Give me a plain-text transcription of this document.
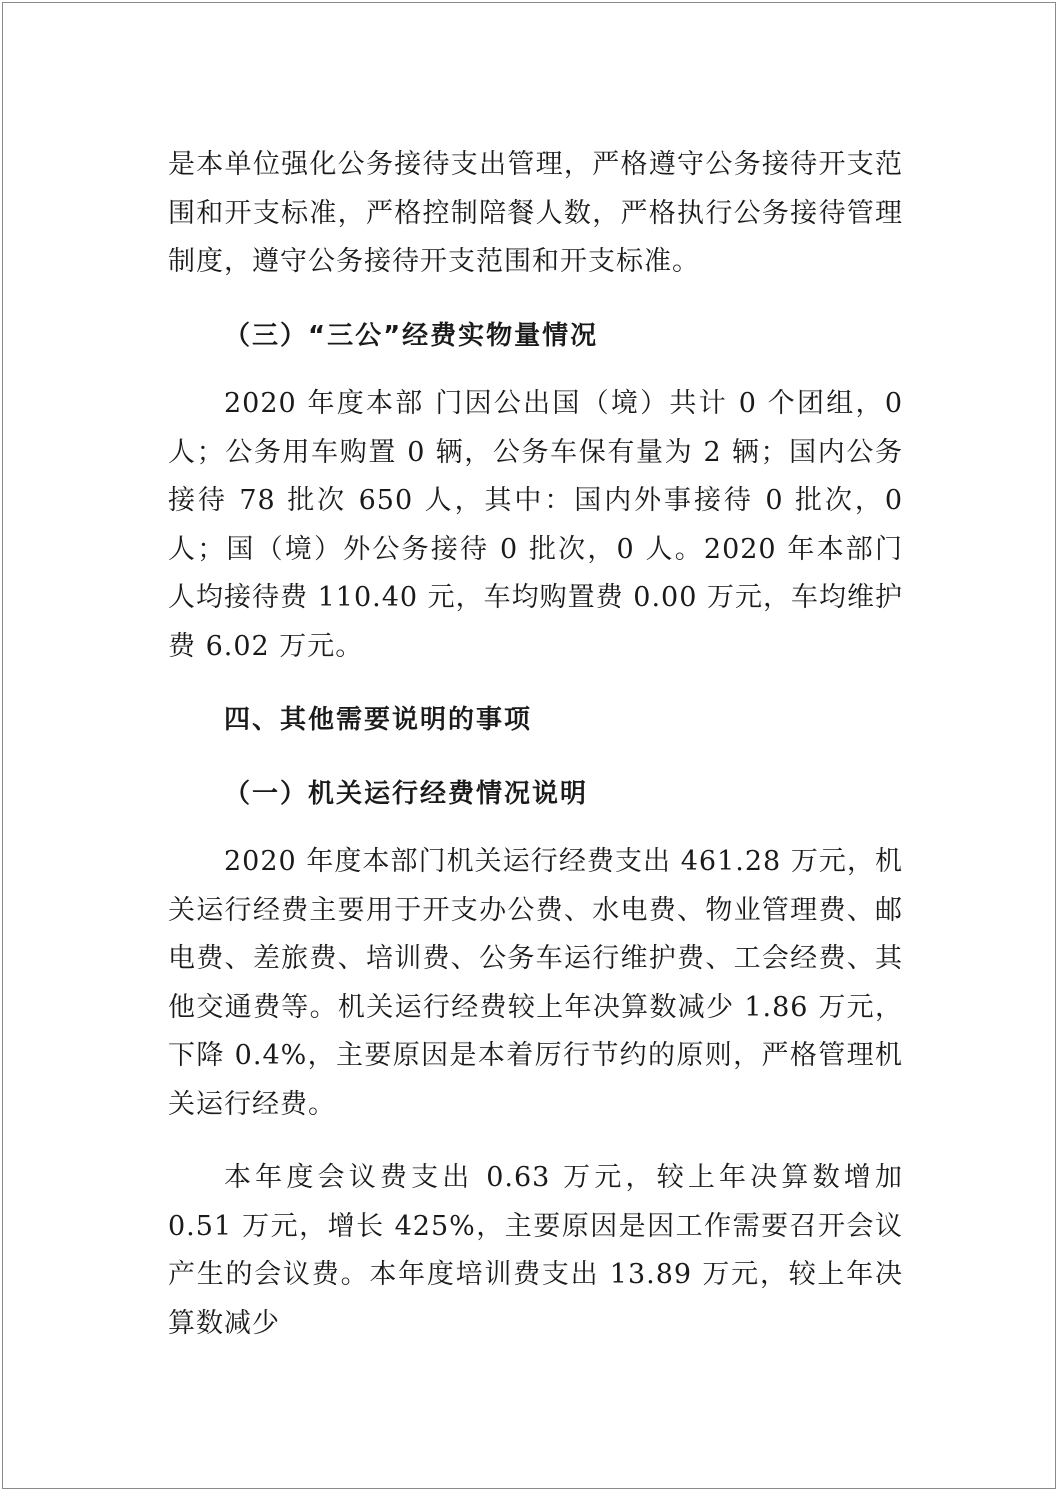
是本单位强化公务接待支出管理，严格遵守公务接待开支范围和开支标准，严格控制陪餐人数，严格执行公务接待管理制度，遵守公务接待开支范围和开支标准。

（三）“三公”经费实物量情况

2020 年度本部 门因公出国（境）共计 0 个团组，0 人；公务用车购置 0 辆，公务车保有量为 2 辆；国内公务接待 78 批次 650 人，其中：国内外事接待 0 批次，0 人；国（境）外公务接待 0 批次，0 人。2020 年本部门人均接待费 110.40 元，车均购置费 0.00 万元，车均维护费 6.02 万元。

四、其他需要说明的事项

（一）机关运行经费情况说明

2020 年度本部门机关运行经费支出 461.28 万元，机关运行经费主要用于开支办公费、水电费、物业管理费、邮电费、差旅费、培训费、公务车运行维护费、工会经费、其他交通费等。机关运行经费较上年决算数减少 1.86 万元，下降 0.4%，主要原因是本着厉行节约的原则，严格管理机关运行经费。

本年度会议费支出 0.63 万元，较上年决算数增加 0.51 万元，增长 425%，主要原因是因工作需要召开会议产生的会议费。本年度培训费支出 13.89 万元，较上年决算数减少
